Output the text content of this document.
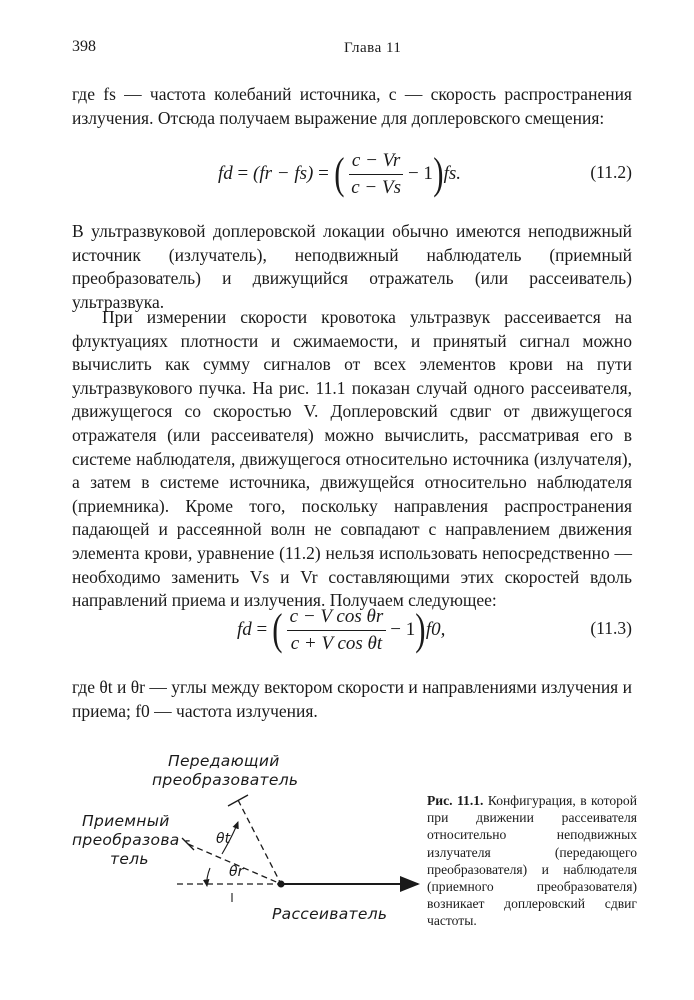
398	Глава 11

где fs — частота колебаний источника, c — скорость распространения излучения. Отсюда получаем выражение для доплеровского смещения:

fd = (fr − fs) = ( $\frac{c - Vr}{c - Vs} - 1$ ) fs.	(11.2)

В ультразвуковой доплеровской локации обычно имеются неподвижный источник (излучатель), неподвижный наблюдатель (приемный преобразователь) и движущийся отражатель (или рассеиватель) ультразвука.

При измерении скорости кровотока ультразвук рассеивается на флуктуациях плотности и сжимаемости, и принятый сигнал можно вычислить как сумму сигналов от всех элементов крови на пути ультразвукового пучка. На рис. 11.1 показан случай одного рассеивателя, движущегося со скоростью V. Доплеровский сдвиг от движущегося отражателя (или рассеивателя) можно вычислить, рассматривая его в системе наблюдателя, движущегося относительно источника (излучателя), а затем в системе источника, движущейся относительно наблюдателя (приемника). Кроме того, поскольку направления распространения падающей и рассеянной волн не совпадают с направлением движения элемента крови, уравнение (11.2) нельзя использовать непосредственно — необходимо заменить Vs и Vr составляющими этих скоростей вдоль направлений приема и излучения. Получаем следующее:

fd = ( $\frac{\text{c − V cos θr}}{\text{c + V cos θt}} - 1$ ) f0,	(11.3)

где θt и θr — углы между вектором скорости и направлениями излучения и приема; f0 — частота излучения.

Передающий
преобразователь
Приемный
преобразова -
тель
Рассеиватель
θt
θr

Рис. 11.1. Конфигурация, в которой при движении рассеивателя относительно неподвижных излучателя (передающего преобразователя) и наблюдателя (приемного преобразователя) возникает доплеровский сдвиг частоты.
